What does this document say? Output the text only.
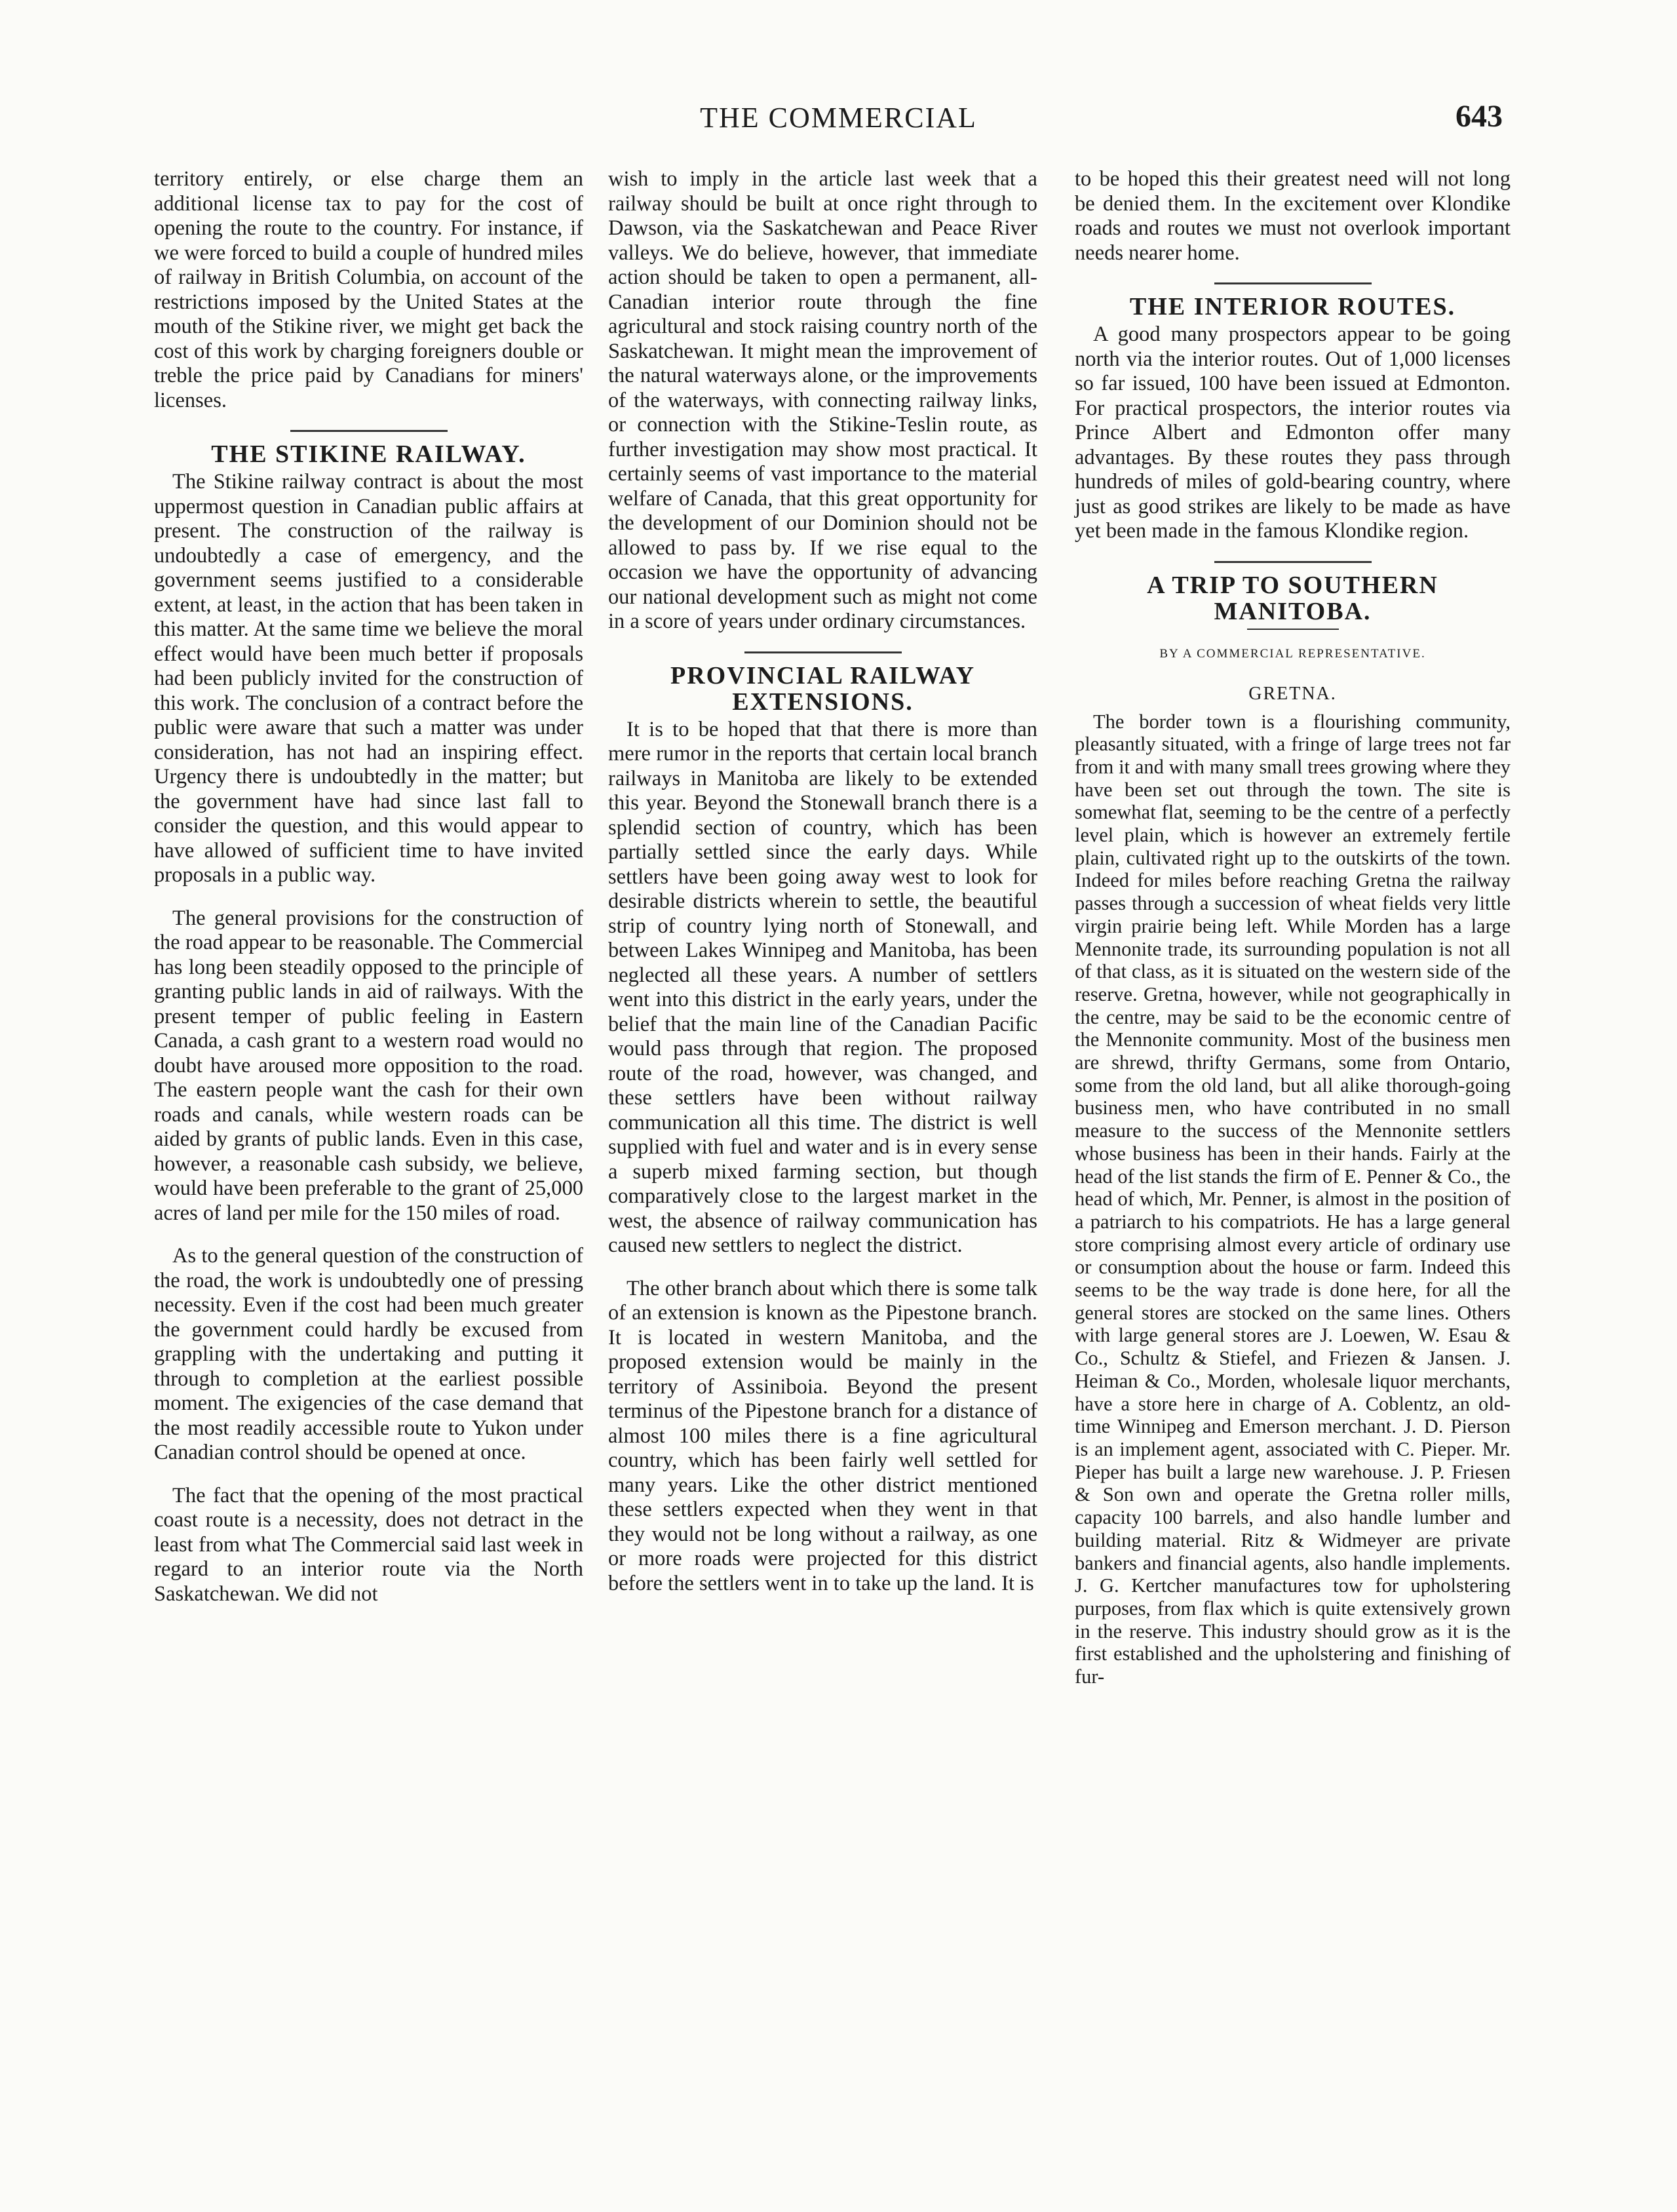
THE COMMERCIAL	643

territory entirely, or else charge them an additional license tax to pay for the cost of opening the route to the country. For instance, if we were forced to build a couple of hundred miles of railway in British Columbia, on account of the restrictions imposed by the United States at the mouth of the Stikine river, we might get back the cost of this work by charging foreigners double or treble the price paid by Canadians for miners' licenses.

THE STIKINE RAILWAY.

The Stikine railway contract is about the most uppermost question in Canadian public affairs at present. The construction of the railway is undoubtedly a case of emergency, and the government seems justified to a considerable extent, at least, in the action that has been taken in this matter. At the same time we believe the moral effect would have been much better if proposals had been publicly invited for the construction of this work. The conclusion of a contract before the public were aware that such a matter was under consideration, has not had an inspiring effect. Urgency there is undoubtedly in the matter; but the government have had since last fall to consider the question, and this would appear to have allowed of sufficient time to have invited proposals in a public way.

The general provisions for the construction of the road appear to be reasonable. The Commercial has long been steadily opposed to the principle of granting public lands in aid of railways. With the present temper of public feeling in Eastern Canada, a cash grant to a western road would no doubt have aroused more opposition to the road. The eastern people want the cash for their own roads and canals, while western roads can be aided by grants of public lands. Even in this case, however, a reasonable cash subsidy, we believe, would have been preferable to the grant of 25,000 acres of land per mile for the 150 miles of road.

As to the general question of the construction of the road, the work is undoubtedly one of pressing necessity. Even if the cost had been much greater the government could hardly be excused from grappling with the undertaking and putting it through to completion at the earliest possible moment. The exigencies of the case demand that the most readily accessible route to Yukon under Canadian control should be opened at once.

The fact that the opening of the most practical coast route is a necessity, does not detract in the least from what The Commercial said last week in regard to an interior route via the North Saskatchewan. We did not

wish to imply in the article last week that a railway should be built at once right through to Dawson, via the Saskatchewan and Peace River valleys. We do believe, however, that immediate action should be taken to open a permanent, all-Canadian interior route through the fine agricultural and stock raising country north of the Saskatchewan. It might mean the improvement of the natural waterways alone, or the improvements of the waterways, with connecting railway links, or connection with the Stikine-Teslin route, as further investigation may show most practical. It certainly seems of vast importance to the material welfare of Canada, that this great opportunity for the development of our Dominion should not be allowed to pass by. If we rise equal to the occasion we have the opportunity of advancing our national development such as might not come in a score of years under ordinary circumstances.

PROVINCIAL RAILWAY EXTENSIONS.

It is to be hoped that that there is more than mere rumor in the reports that certain local branch railways in Manitoba are likely to be extended this year. Beyond the Stonewall branch there is a splendid section of country, which has been partially settled since the early days. While settlers have been going away west to look for desirable districts wherein to settle, the beautiful strip of country lying north of Stonewall, and between Lakes Winnipeg and Manitoba, has been neglected all these years. A number of settlers went into this district in the early years, under the belief that the main line of the Canadian Pacific would pass through that region. The proposed route of the road, however, was changed, and these settlers have been without railway communication all this time. The district is well supplied with fuel and water and is in every sense a superb mixed farming section, but though comparatively close to the largest market in the west, the absence of railway communication has caused new settlers to neglect the district.

The other branch about which there is some talk of an extension is known as the Pipestone branch. It is located in western Manitoba, and the proposed extension would be mainly in the territory of Assiniboia. Beyond the present terminus of the Pipestone branch for a distance of almost 100 miles there is a fine agricultural country, which has been fairly well settled for many years. Like the other district mentioned these settlers expected when they went in that they would not be long without a railway, as one or more roads were projected for this district before the settlers went in to take up the land. It is

to be hoped this their greatest need will not long be denied them. In the excitement over Klondike roads and routes we must not overlook important needs nearer home.

THE INTERIOR ROUTES.

A good many prospectors appear to be going north via the interior routes. Out of 1,000 licenses so far issued, 100 have been issued at Edmonton. For practical prospectors, the interior routes via Prince Albert and Edmonton offer many advantages. By these routes they pass through hundreds of miles of gold-bearing country, where just as good strikes are likely to be made as have yet been made in the famous Klondike region.

A TRIP TO SOUTHERN MANITOBA.
BY A COMMERCIAL REPRESENTATIVE.
GRETNA.

The border town is a flourishing community, pleasantly situated, with a fringe of large trees not far from it and with many small trees growing where they have been set out through the town. The site is somewhat flat, seeming to be the centre of a perfectly level plain, which is however an extremely fertile plain, cultivated right up to the outskirts of the town. Indeed for miles before reaching Gretna the railway passes through a succession of wheat fields very little virgin prairie being left. While Morden has a large Mennonite trade, its surrounding population is not all of that class, as it is situated on the western side of the reserve. Gretna, however, while not geographically in the centre, may be said to be the economic centre of the Mennonite community. Most of the business men are shrewd, thrifty Germans, some from Ontario, some from the old land, but all alike thorough-going business men, who have contributed in no small measure to the success of the Mennonite settlers whose business has been in their hands. Fairly at the head of the list stands the firm of E. Penner & Co., the head of which, Mr. Penner, is almost in the position of a patriarch to his compatriots. He has a large general store comprising almost every article of ordinary use or consumption about the house or farm. Indeed this seems to be the way trade is done here, for all the general stores are stocked on the same lines. Others with large general stores are J. Loewen, W. Esau & Co., Schultz & Stiefel, and Friezen & Jansen. J. Heiman & Co., Morden, wholesale liquor merchants, have a store here in charge of A. Coblentz, an old-time Winnipeg and Emerson merchant. J. D. Pierson is an implement agent, associated with C. Pieper. Mr. Pieper has built a large new warehouse. J. P. Friesen & Son own and operate the Gretna roller mills, capacity 100 barrels, and also handle lumber and building material. Ritz & Widmeyer are private bankers and financial agents, also handle implements. J. G. Kertcher manufactures tow for upholstering purposes, from flax which is quite extensively grown in the reserve. This industry should grow as it is the first established and the upholstering and finishing of fur-
